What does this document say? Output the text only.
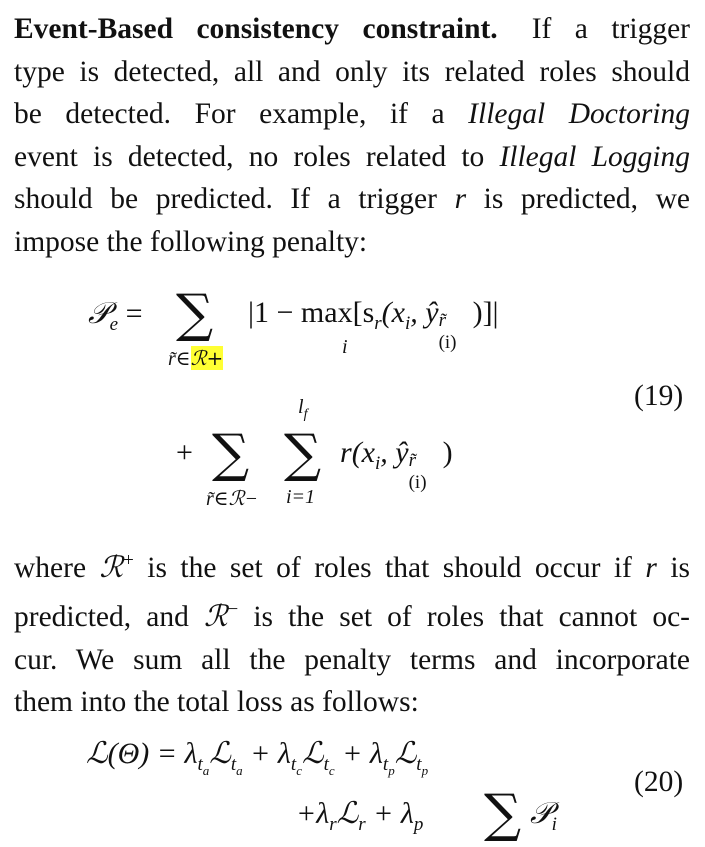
Event-Based consistency constraint. If a trigger
type is detected, all and only its related roles should
be detected. For example, if a Illegal Doctoring
event is detected, no roles related to Illegal Logging
should be predicted. If a trigger r is predicted, we
impose the following penalty:
𝒫$_e$ = ∑
r̃∈ℛ+
$|1 - \max[s_r(x_i$, ŷ r̃
(i)
)]|
i
(19)
+ ∑ ∑
$l_f$
r̃∈ℛ− i=1
$r(x_i$, ŷ r̃
(i)
)
where ℛ+ is the set of roles that should occur if r is
predicted, and ℛ− is the set of roles that cannot oc-
cur. We sum all the penalty terms and incorporate
them into the total loss as follows:
ℒ(Θ) = $\lambda_{t_a}ℒ_{t_a}$ + $\lambda_{t_c}ℒ_{t_c}$ + $\lambda_{t_p}ℒ_{t_p}$	(20)
$+\lambda_rℒ_r + \lambda_p$ ∑ 𝒫$_i$
